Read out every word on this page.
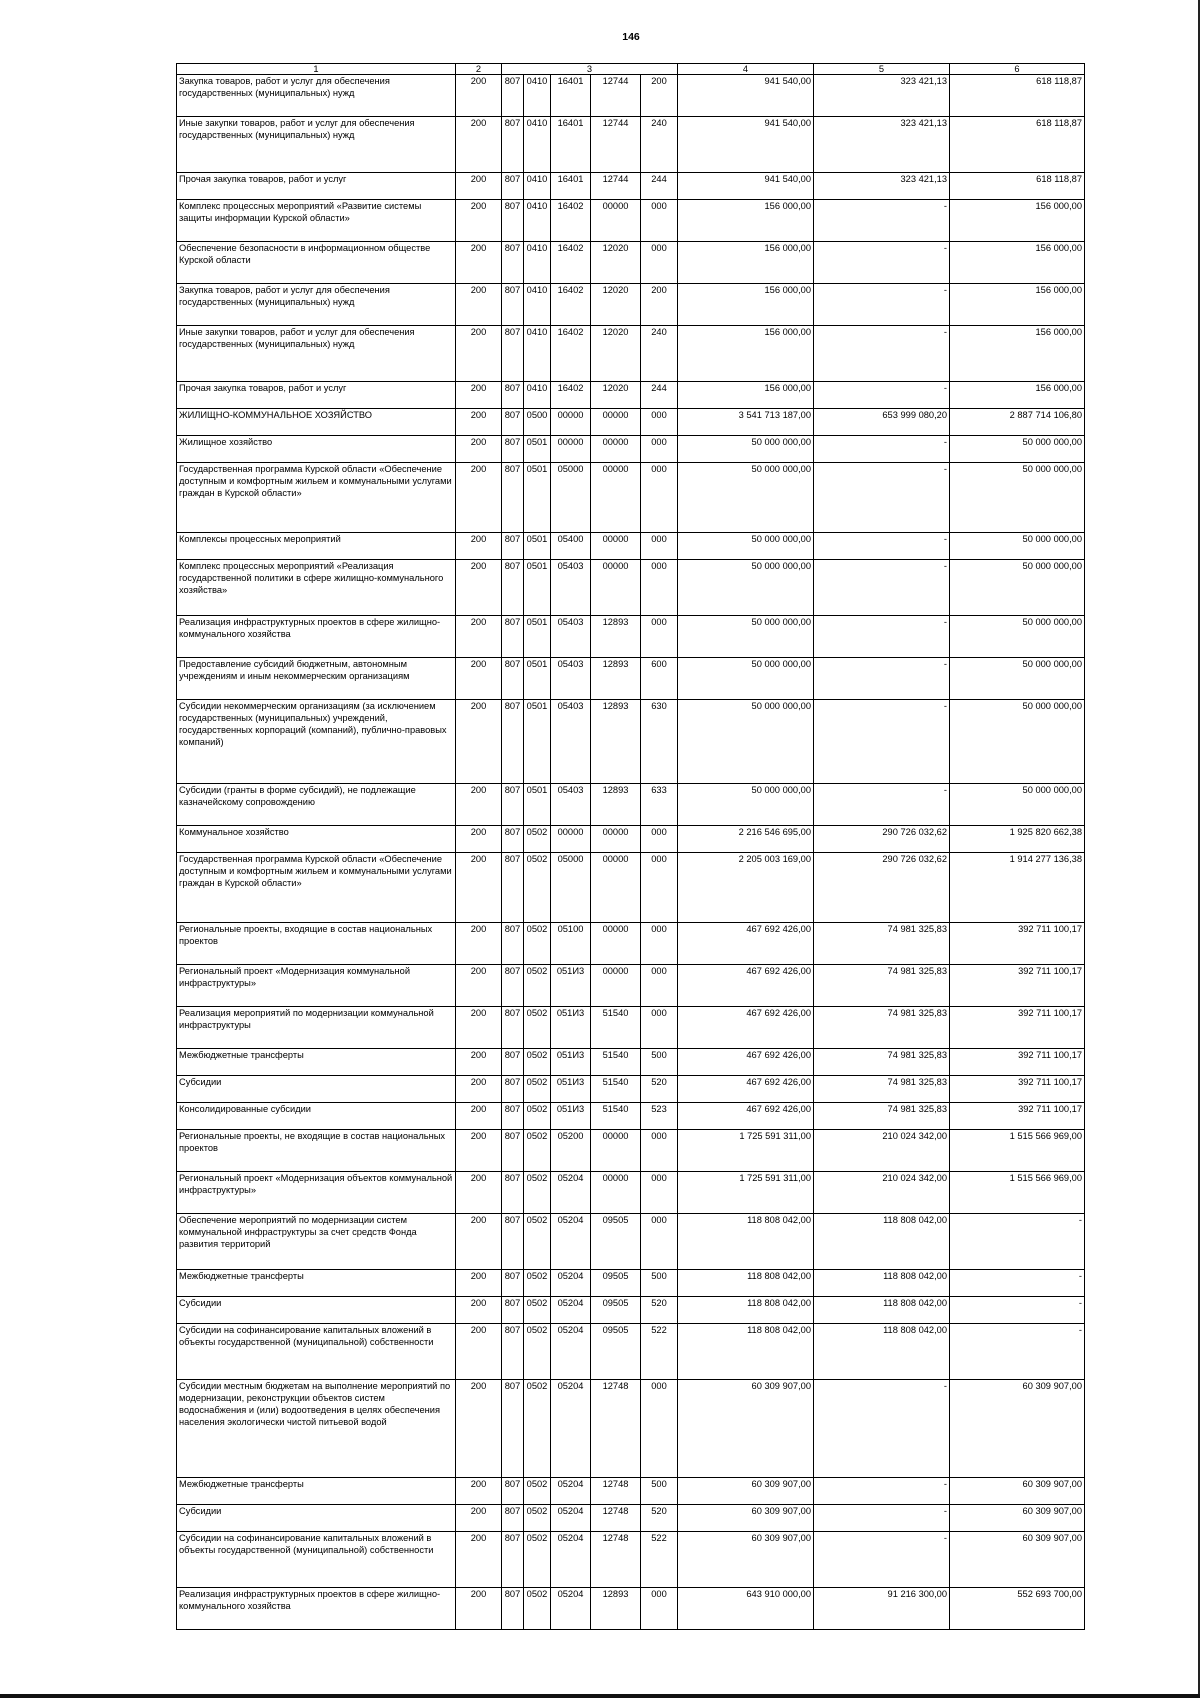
146
1	2	3					4	5	6
Закупка товаров, работ и услуг для обеспечения государственных (муниципальных) нужд	200	807	0410	16401	12744	200	941 540,00	323 421,13	618 118,87
Иные закупки товаров, работ и услуг для обеспечения государственных (муниципальных) нужд	200	807	0410	16401	12744	240	941 540,00	323 421,13	618 118,87
Прочая закупка товаров, работ и услуг	200	807	0410	16401	12744	244	941 540,00	323 421,13	618 118,87
Комплекс процессных мероприятий «Развитие системы защиты информации Курской области»	200	807	0410	16402	00000	000	156 000,00	-	156 000,00
Обеспечение безопасности в информационном обществе Курской области	200	807	0410	16402	12020	000	156 000,00	-	156 000,00
Закупка товаров, работ и услуг для обеспечения государственных (муниципальных) нужд	200	807	0410	16402	12020	200	156 000,00	-	156 000,00
Иные закупки товаров, работ и услуг для обеспечения государственных (муниципальных) нужд	200	807	0410	16402	12020	240	156 000,00	-	156 000,00
Прочая закупка товаров, работ и услуг	200	807	0410	16402	12020	244	156 000,00	-	156 000,00
ЖИЛИЩНО-КОММУНАЛЬНОЕ ХОЗЯЙСТВО	200	807	0500	00000	00000	000	3 541 713 187,00	653 999 080,20	2 887 714 106,80
Жилищное хозяйство	200	807	0501	00000	00000	000	50 000 000,00	-	50 000 000,00
Государственная программа Курской области «Обеспечение доступным и комфортным жильем и коммунальными услугами граждан в Курской области»	200	807	0501	05000	00000	000	50 000 000,00	-	50 000 000,00
Комплексы процессных мероприятий	200	807	0501	05400	00000	000	50 000 000,00	-	50 000 000,00
Комплекс процессных мероприятий «Реализация государственной политики в сфере жилищно-коммунального хозяйства»	200	807	0501	05403	00000	000	50 000 000,00	-	50 000 000,00
Реализация инфраструктурных проектов в сфере жилищно-коммунального хозяйства	200	807	0501	05403	12893	000	50 000 000,00	-	50 000 000,00
Предоставление субсидий бюджетным, автономным учреждениям и иным некоммерческим организациям	200	807	0501	05403	12893	600	50 000 000,00	-	50 000 000,00
Субсидии некоммерческим организациям (за исключением государственных (муниципальных) учреждений, государственных корпораций (компаний), публично-правовых компаний)	200	807	0501	05403	12893	630	50 000 000,00	-	50 000 000,00
Субсидии (гранты в форме субсидий), не подлежащие казначейскому сопровождению	200	807	0501	05403	12893	633	50 000 000,00	-	50 000 000,00
Коммунальное хозяйство	200	807	0502	00000	00000	000	2 216 546 695,00	290 726 032,62	1 925 820 662,38
Государственная программа Курской области «Обеспечение доступным и комфортным жильем и коммунальными услугами граждан в Курской области»	200	807	0502	05000	00000	000	2 205 003 169,00	290 726 032,62	1 914 277 136,38
Региональные проекты, входящие в состав национальных проектов	200	807	0502	05100	00000	000	467 692 426,00	74 981 325,83	392 711 100,17
Региональный проект «Модернизация коммунальной инфраструктуры»	200	807	0502	051И3	00000	000	467 692 426,00	74 981 325,83	392 711 100,17
Реализация мероприятий по модернизации коммунальной инфраструктуры	200	807	0502	051И3	51540	000	467 692 426,00	74 981 325,83	392 711 100,17
Межбюджетные трансферты	200	807	0502	051И3	51540	500	467 692 426,00	74 981 325,83	392 711 100,17
Субсидии	200	807	0502	051И3	51540	520	467 692 426,00	74 981 325,83	392 711 100,17
Консолидированные субсидии	200	807	0502	051И3	51540	523	467 692 426,00	74 981 325,83	392 711 100,17
Региональные проекты, не входящие в состав национальных проектов	200	807	0502	05200	00000	000	1 725 591 311,00	210 024 342,00	1 515 566 969,00
Региональный проект «Модернизация объектов коммунальной инфраструктуры»	200	807	0502	05204	00000	000	1 725 591 311,00	210 024 342,00	1 515 566 969,00
Обеспечение мероприятий по модернизации систем коммунальной инфраструктуры за счет средств Фонда развития территорий	200	807	0502	05204	09505	000	118 808 042,00	118 808 042,00	-
Межбюджетные трансферты	200	807	0502	05204	09505	500	118 808 042,00	118 808 042,00	-
Субсидии	200	807	0502	05204	09505	520	118 808 042,00	118 808 042,00	-
Субсидии на софинансирование капитальных вложений в объекты государственной (муниципальной) собственности	200	807	0502	05204	09505	522	118 808 042,00	118 808 042,00	-
Субсидии местным бюджетам на выполнение мероприятий по модернизации, реконструкции объектов систем водоснабжения и (или) водоотведения в целях обеспечения населения экологически чистой питьевой водой	200	807	0502	05204	12748	000	60 309 907,00	-	60 309 907,00
Межбюджетные трансферты	200	807	0502	05204	12748	500	60 309 907,00	-	60 309 907,00
Субсидии	200	807	0502	05204	12748	520	60 309 907,00	-	60 309 907,00
Субсидии на софинансирование капитальных вложений в объекты государственной (муниципальной) собственности	200	807	0502	05204	12748	522	60 309 907,00	-	60 309 907,00
Реализация инфраструктурных проектов в сфере жилищно-коммунального хозяйства	200	807	0502	05204	12893	000	643 910 000,00	91 216 300,00	552 693 700,00
